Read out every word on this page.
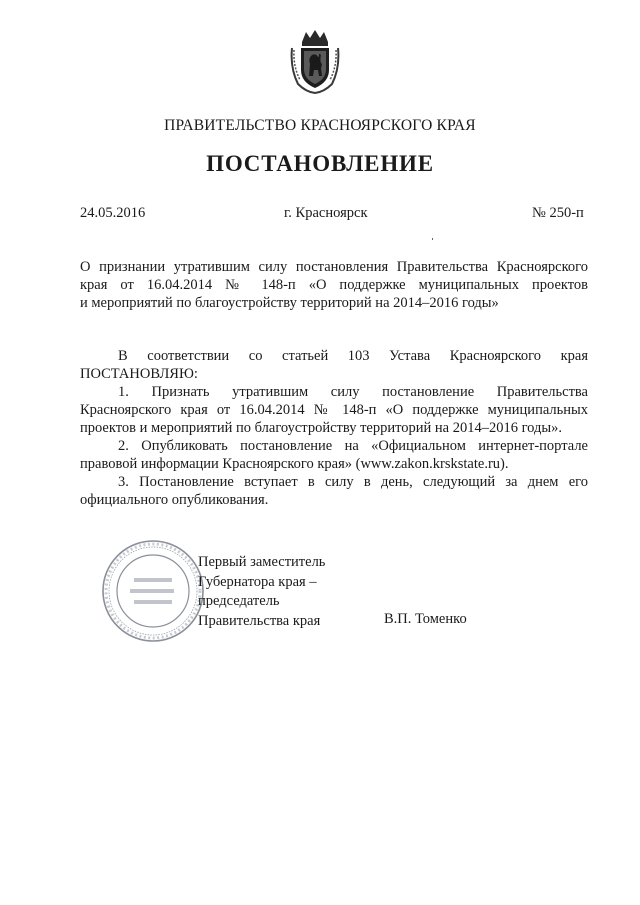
ПРАВИТЕЛЬСТВО КРАСНОЯРСКОГО КРАЯ
ПОСТАНОВЛЕНИЕ
24.05.2016	г. Красноярск	№ 250-п
О признании утратившим силу постановления Правительства Красноярского
края от 16.04.2014 № 148-п «О поддержке муниципальных проектов
и мероприятий по благоустройству территорий на 2014–2016 годы»
В соответствии со статьей 103 Устава Красноярского края
ПОСТАНОВЛЯЮ:
1. Признать утратившим силу постановление Правительства
Красноярского края от 16.04.2014 № 148-п «О поддержке муниципальных
проектов и мероприятий по благоустройству территорий на 2014–2016 годы».
2. Опубликовать постановление на «Официальном интернет-портале
правовой информации Красноярского края» (www.zakon.krskstate.ru).
3. Постановление вступает в силу в день, следующий за днем его
официального опубликования.
Первый заместитель
Губернатора края –
председатель
Правительства края	В.П. Томенко
